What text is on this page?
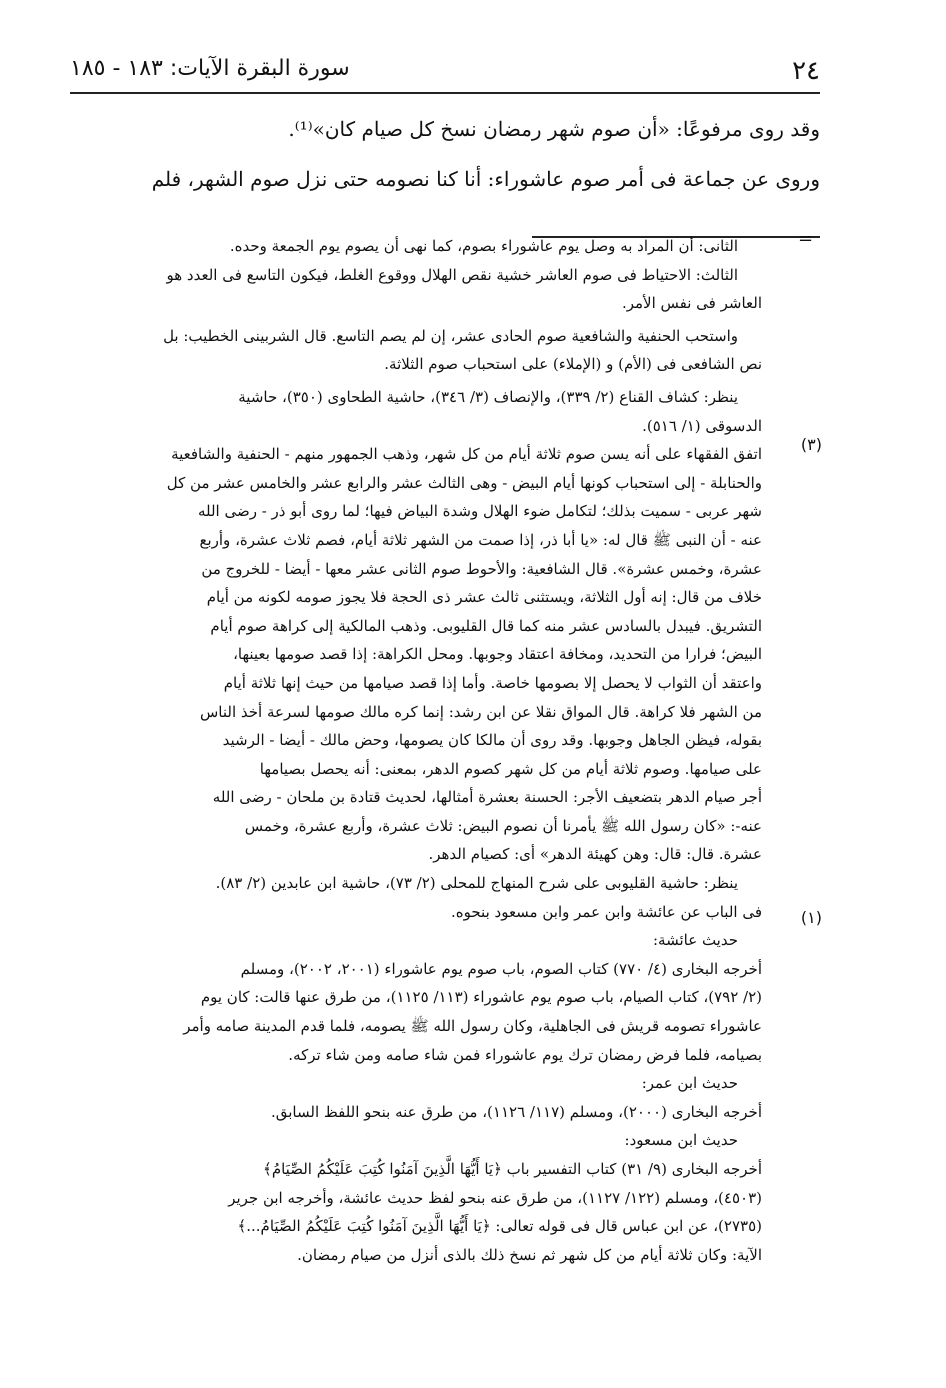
٢٤
سورة البقرة الآيات: ١٨٣ - ١٨٥

وقد روى مرفوعًا: «أن صوم شهر رمضان نسخ كل صيام كان»⁽¹⁾.

وروى عن جماعة فى أمر صوم عاشوراء: أنا كنا نصومه حتى نزل صوم الشهر، فلم

=
الثانى: أن المراد به وصل يوم عاشوراء بصوم، كما نهى أن يصوم يوم الجمعة وحده.
الثالث: الاحتياط فى صوم العاشر خشية نقص الهلال ووقوع الغلط، فيكون التاسع فى العدد هو
العاشر فى نفس الأمر.
واستحب الحنفية والشافعية صوم الحادى عشر، إن لم يصم التاسع. قال الشربينى الخطيب: بل
نص الشافعى فى (الأم) و (الإملاء) على استحباب صوم الثلاثة.
ينظر: كشاف القناع (٢/ ٣٣٩)، والإنصاف (٣/ ٣٤٦)، حاشية الطحاوى (٣٥٠)، حاشية
الدسوقى (١/ ٥١٦).
اتفق الفقهاء على أنه يسن صوم ثلاثة أيام من كل شهر، وذهب الجمهور منهم - الحنفية والشافعية
والحنابلة - إلى استحباب كونها أيام البيض - وهى الثالث عشر والرابع عشر والخامس عشر من كل
شهر عربى - سميت بذلك؛ لتكامل ضوء الهلال وشدة البياض فيها؛ لما روى أبو ذر - رضى الله
عنه - أن النبى ﷺ قال له: «يا أبا ذر، إذا صمت من الشهر ثلاثة أيام، فصم ثلاث عشرة، وأربع
عشرة، وخمس عشرة». قال الشافعية: والأحوط صوم الثانى عشر معها - أيضا - للخروج من
خلاف من قال: إنه أول الثلاثة، ويستثنى ثالث عشر ذى الحجة فلا يجوز صومه لكونه من أيام
التشريق. فيبدل بالسادس عشر منه كما قال القليوبى. وذهب المالكية إلى كراهة صوم أيام
البيض؛ فرارا من التحديد، ومخافة اعتقاد وجوبها. ومحل الكراهة: إذا قصد صومها بعينها،
واعتقد أن الثواب لا يحصل إلا بصومها خاصة. وأما إذا قصد صيامها من حيث إنها ثلاثة أيام
من الشهر فلا كراهة. قال المواق نقلا عن ابن رشد: إنما كره مالك صومها لسرعة أخذ الناس
بقوله، فيظن الجاهل وجوبها. وقد روى أن مالكا كان يصومها، وحض مالك - أيضا - الرشيد
على صيامها. وصوم ثلاثة أيام من كل شهر كصوم الدهر، بمعنى: أنه يحصل بصيامها
أجر صيام الدهر بتضعيف الأجر: الحسنة بعشرة أمثالها، لحديث قتادة بن ملحان - رضى الله
عنه-: «كان رسول الله ﷺ يأمرنا أن نصوم البيض: ثلاث عشرة، وأربع عشرة، وخمس
عشرة. قال: قال: وهن كهيئة الدهر» أى: كصيام الدهر.
ينظر: حاشية القليوبى على شرح المنهاج للمحلى (٢/ ٧٣)، حاشية ابن عابدين (٢/ ٨٣).
فى الباب عن عائشة وابن عمر وابن مسعود بنحوه.
حديث عائشة:
أخرجه البخارى (٤/ ٧٧٠) كتاب الصوم، باب صوم يوم عاشوراء (٢٠٠١، ٢٠٠٢)، ومسلم
(٢/ ٧٩٢)، كتاب الصيام، باب صوم يوم عاشوراء (١١٣/ ١١٢٥)، من طرق عنها قالت: كان يوم
عاشوراء تصومه قريش فى الجاهلية، وكان رسول الله ﷺ يصومه، فلما قدم المدينة صامه وأمر
بصيامه، فلما فرض رمضان ترك يوم عاشوراء فمن شاء صامه ومن شاء تركه.
حديث ابن عمر:
أخرجه البخارى (٢٠٠٠)، ومسلم (١١٧/ ١١٢٦)، من طرق عنه بنحو اللفظ السابق.
حديث ابن مسعود:
أخرجه البخارى (٩/ ٣١) كتاب التفسير باب ﴿يَا أَيُّهَا الَّذِينَ آمَنُوا كُتِبَ عَلَيْكُمُ الصِّيَامُ﴾
(٤٥٠٣)، ومسلم (١٢٢/ ١١٢٧)، من طرق عنه بنحو لفظ حديث عائشة، وأخرجه ابن جرير
(٢٧٣٥)، عن ابن عباس قال فى قوله تعالى: ﴿يَا أَيُّهَا الَّذِينَ آمَنُوا كُتِبَ عَلَيْكُمُ الصِّيَامُ...﴾
الآية: وكان ثلاثة أيام من كل شهر ثم نسخ ذلك بالذى أنزل من صيام رمضان.
(٣)
(١)
